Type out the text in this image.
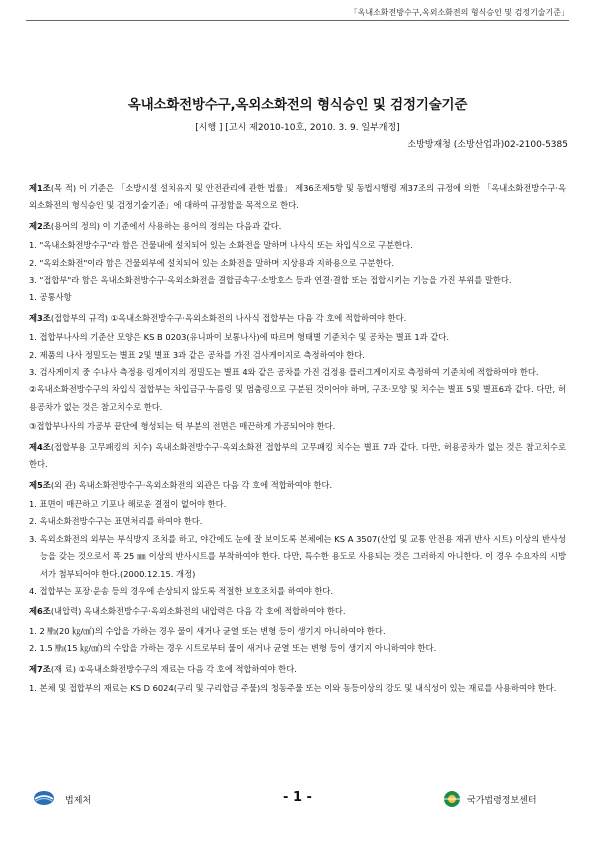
「옥내소화전방수구,옥외소화전의 형식승인 및 검정기술기준」
옥내소화전방수구,옥외소화전의 형식승인 및 검정기술기준
[시행 ] [고시 제2010-10호, 2010. 3. 9. 일부개정]
소방방재청 (소방산업과)02-2100-5385

제1조(목 적) 이 기준은 「소방시설 설치유지 및 안전관리에 관한 법률」 제36조제5항 및 동법시행령 제37조의 규정에 의한 「옥내소화전방수구·옥외소화전의 형식승인 및 검정기술기준」에 대하여 규정함을 목적으로 한다.

제2조(용어의 정의) 이 기준에서 사용하는 용어의 정의는 다음과 같다.

1. "옥내소화전방수구"라 함은 건물내에 설치되어 있는 소화전을 말하며 나사식 또는 차입식으로 구분한다.

2. "옥외소화전"이라 함은 건물외부에 설치되어 있는 소화전을 말하며 지상용과 지하용으로 구분한다.

3. "접합부"라 함은 옥내소화전방수구·옥외소화전을 결합금속구·소방호스 등과 연결·결합 또는 접합시키는 기능을 가진 부위를 말한다.

1. 공통사항

제3조(접합부의 규격) ①옥내소화전방수구·옥외소화전의 나사식 접합부는 다음 각 호에 적합하여야 한다.

1. 접합부나사의 기준산 모양은 KS B 0203(유니파이 보통나사)에 따르며 형태별 기준치수 및 공차는 별표 1과 같다.

2. 제품의 나사 정밀도는 별표 2및 별표 3과 같은 공차를 가진 검사게이지로 측정하여야 한다.

3. 검사게이지 중 수나사 측정용 링게이지의 정밀도는 별표 4와 같은 공차를 가진 검정용 플러그게이지로 측정하여 기준치에 적합하여야 한다.

②옥내소화전방수구의 차입식 접합부는 차입금구·누름링 및 멈춤링으로 구분된 것이어야 하며, 구조·모양 및 치수는 별표 5및 별표6과 같다. 다만, 허용공차가 없는 것은 참고치수로 한다.

③접합부나사의 가공부 끝단에 형성되는 턱 부분의 전면은 매끈하게 가공되어야 한다.

제4조(접합부용 고무패킹의 치수) 옥내소화전방수구·옥외소화전 접합부의 고무패킹 치수는 별표 7과 같다. 다만, 허용공차가 없는 것은 참고치수로 한다.

제5조(외 관) 옥내소화전방수구·옥외소화전의 외관은 다음 각 호에 적합하여야 한다.

1. 표면이 매끈하고 기포나 해로운 결점이 없어야 한다.

2. 옥내소화전방수구는 표면처리를 하여야 한다.

3. 옥외소화전의 외부는 부식방지 조치를 하고, 야간에도 눈에 잘 보이도록 본체에는 KS A 3507(산업 및 교통 안전용 재귀 반사 시트) 이상의 반사성능을 갖는 것으로서 폭 25 ㎜ 이상의 반사시트를 부착하여야 한다. 다만, 특수한 용도로 사용되는 것은 그러하지 아니한다. 이 경우 수요자의 시방서가 첨부되어야 한다.(2000.12.15. 개정)

4. 접합부는 포장·운송 등의 경우에 손상되지 않도록 적절한 보호조치를 하여야 한다.

제6조(내압력) 옥내소화전방수구·옥외소화전의 내압력은 다음 각 호에 적합하여야 한다.

1. 2 ㎫(20 ㎏/㎠)의 수압을 가하는 경우 물이 새거나 균열 또는 변형 등이 생기지 아니하여야 한다.

2. 1.5 ㎫(15 ㎏/㎠)의 수압을 가하는 경우 시트로부터 물이 새거나 균열 또는 변형 등이 생기지 아니하여야 한다.

제7조(재 료) ①옥내소화전방수구의 재료는 다음 각 호에 적합하여야 한다.

1. 본체 및 접합부의 재료는 KS D 6024(구리 및 구리합금 주물)의 청동주물 또는 이와 동등이상의 강도 및 내식성이 있는 재료를 사용하여야 한다.

법제처	- 1 -	국가법령정보센터
